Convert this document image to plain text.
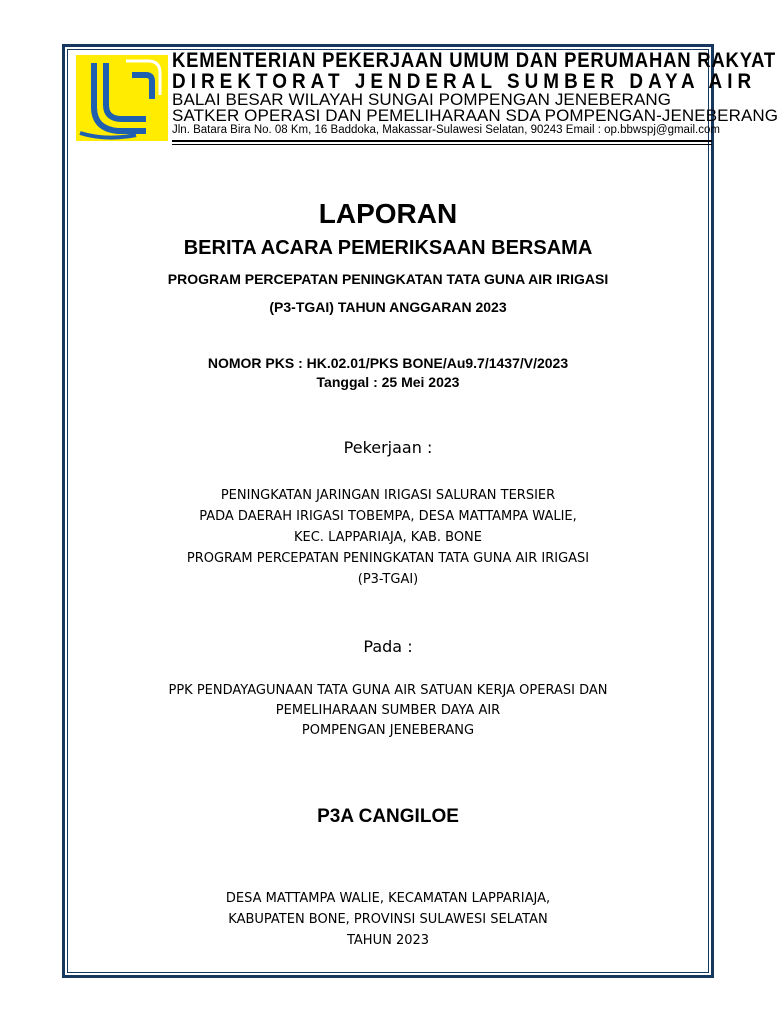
KEMENTERIAN PEKERJAAN UMUM DAN PERUMAHAN RAKYAT

DIREKTORAT JENDERAL SUMBER DAYA AIR

BALAI BESAR WILAYAH SUNGAI POMPENGAN JENEBERANG

SATKER OPERASI DAN PEMELIHARAAN SDA POMPENGAN-JENEBERANG

Jln. Batara Bira No. 08 Km, 16 Baddoka, Makassar-Sulawesi Selatan, 90243 Email : op.bbwspj@gmail.com

LAPORAN

BERITA ACARA PEMERIKSAAN BERSAMA

PROGRAM PERCEPATAN PENINGKATAN TATA GUNA AIR IRIGASI

(P3-TGAI) TAHUN ANGGARAN 2023

NOMOR PKS : HK.02.01/PKS BONE/Au9.7/1437/V/2023

Tanggal : 25 Mei 2023

Pekerjaan :

PENINGKATAN JARINGAN IRIGASI SALURAN TERSIER
PADA DAERAH IRIGASI TOBEMPA, DESA MATTAMPA WALIE,
KEC. LAPPARIAJA, KAB. BONE
PROGRAM PERCEPATAN PENINGKATAN TATA GUNA AIR IRIGASI
(P3-TGAI)

Pada :

PPK PENDAYAGUNAAN TATA GUNA AIR SATUAN KERJA OPERASI DAN
PEMELIHARAAN SUMBER DAYA AIR
POMPENGAN JENEBERANG

P3A CANGILOE

DESA MATTAMPA WALIE, KECAMATAN LAPPARIAJA,
KABUPATEN BONE, PROVINSI SULAWESI SELATAN
TAHUN 2023
